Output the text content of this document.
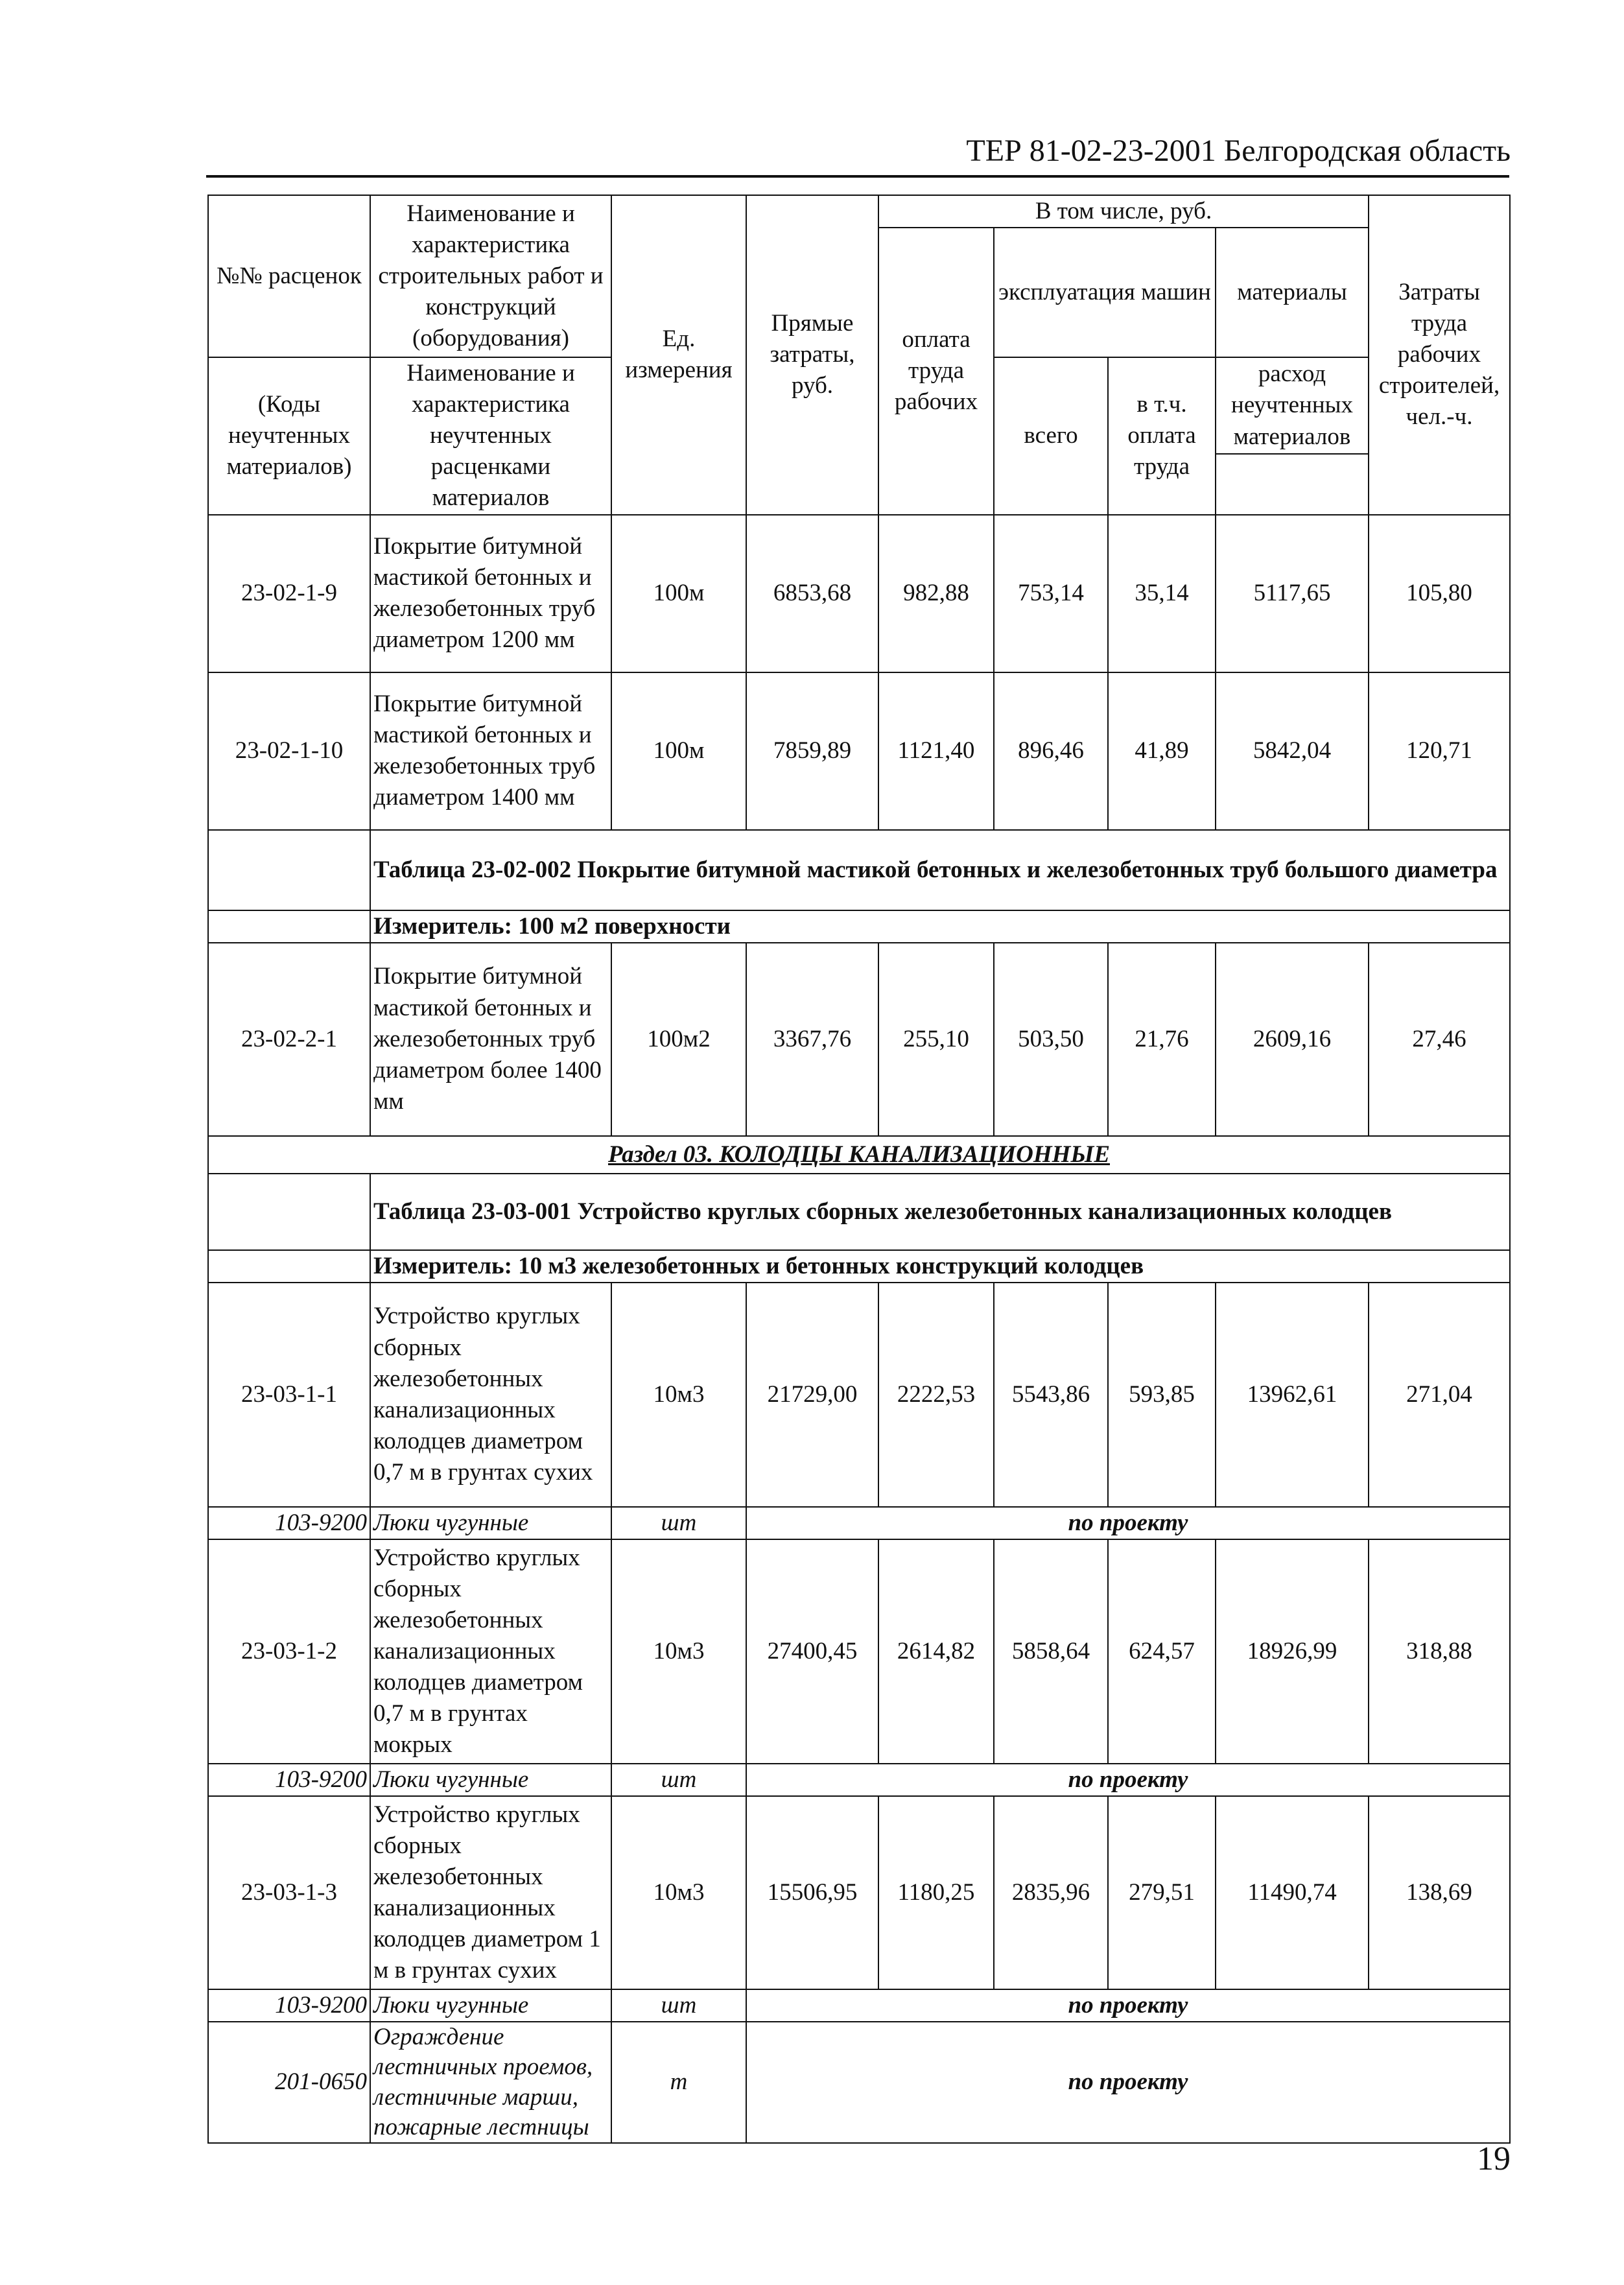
ТЕР 81-02-23-2001 Белгородская область
№№ расценок	Наименование и характеристика строительных работ и конструкций (оборудования)	Ед. измерения	Прямые затраты, руб.	В том числе, руб.				Затраты труда рабочих строителей, чел.-ч.
				оплата труда рабочих	эксплуатация машин		материалы	
(Коды неучтенных материалов)	Наименование и характеристика неучтенных расценками материалов				всего	в т.ч. оплата труда	расход неучтенных материалов	

23-02-1-9	Покрытие битумной мастикой бетонных и железобетонных труб диаметром 1200 мм	100м	6853,68	982,88	753,14	35,14	5117,65	105,80
23-02-1-10	Покрытие битумной мастикой бетонных и железобетонных труб диаметром 1400 мм	100м	7859,89	1121,40	896,46	41,89	5842,04	120,71
	Таблица 23-02-002 Покрытие битумной мастикой бетонных и железобетонных труб большого диаметра							
	Измеритель: 100 м2 поверхности							
23-02-2-1	Покрытие битумной мастикой бетонных и железобетонных труб диаметром более 1400 мм	100м2	3367,76	255,10	503,50	21,76	2609,16	27,46
Раздел 03. КОЛОДЦЫ КАНАЛИЗАЦИОННЫЕ								
	Таблица 23-03-001 Устройство круглых сборных железобетонных канализационных колодцев							
	Измеритель: 10 м3 железобетонных и бетонных конструкций колодцев							
23-03-1-1	Устройство круглых сборных железобетонных канализационных колодцев диаметром 0,7 м в грунтах сухих	10м3	21729,00	2222,53	5543,86	593,85	13962,61	271,04
103-9200	Люки чугунные	шт	по проекту					
23-03-1-2	Устройство круглых сборных железобетонных канализационных колодцев диаметром 0,7 м в грунтах мокрых	10м3	27400,45	2614,82	5858,64	624,57	18926,99	318,88
103-9200	Люки чугунные	шт	по проекту					
23-03-1-3	Устройство круглых сборных железобетонных канализационных колодцев диаметром 1 м в грунтах сухих	10м3	15506,95	1180,25	2835,96	279,51	11490,74	138,69
103-9200	Люки чугунные	шт	по проекту					
201-0650	Ограждение лестничных проемов, лестничные марши, пожарные лестницы	т	по проекту					
19
